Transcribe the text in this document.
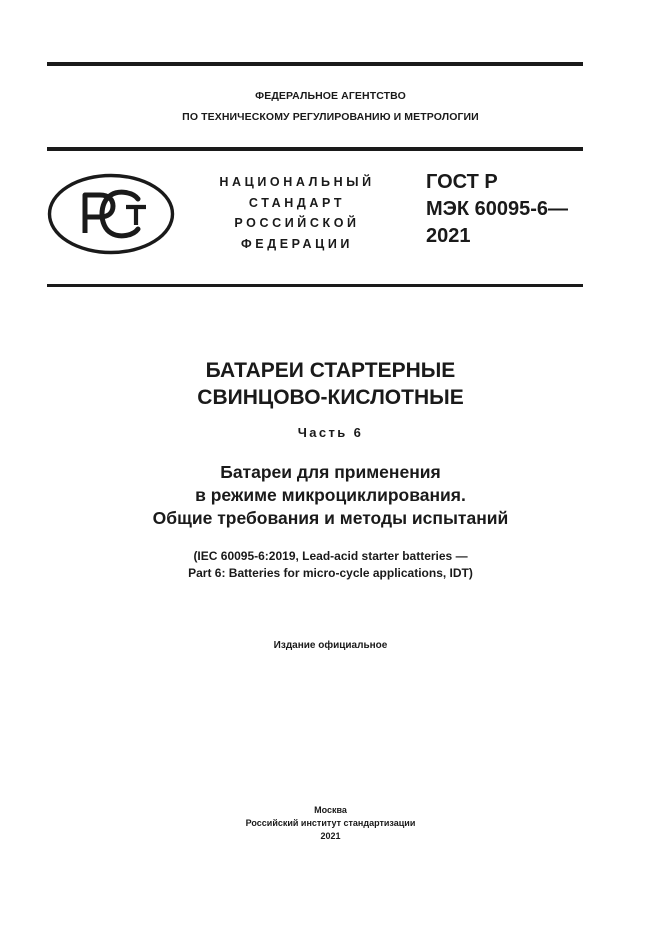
ФЕДЕРАЛЬНОЕ АГЕНТСТВО
ПО ТЕХНИЧЕСКОМУ РЕГУЛИРОВАНИЮ И МЕТРОЛОГИИ
НАЦИОНАЛЬНЫЙ
СТАНДАРТ
РОССИЙСКОЙ
ФЕДЕРАЦИИ
ГОСТ Р
МЭК 60095-6—
2021
БАТАРЕИ СТАРТЕРНЫЕ
СВИНЦОВО-КИСЛОТНЫЕ
Часть 6
Батареи для применения
в режиме микроциклирования.
Общие требования и методы испытаний
(IEC 60095-6:2019, Lead-acid starter batteries —
Part 6: Batteries for micro-cycle applications, IDT)
Издание официальное
Москва
Российский институт стандартизации
2021
